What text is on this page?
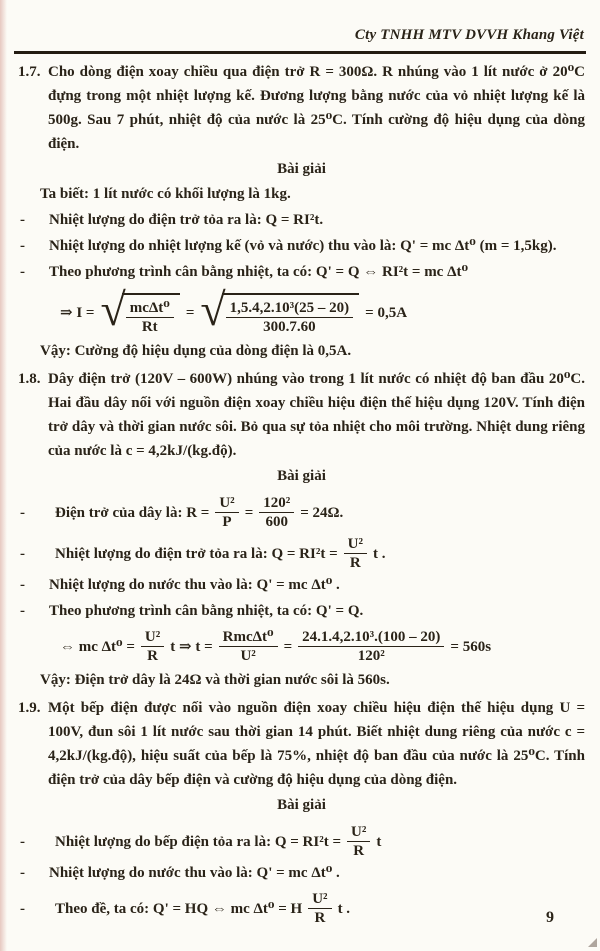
Cty TNHH MTV DVVH Khang Việt
1.7. Cho dòng điện xoay chiều qua điện trở R = 300Ω. R nhúng vào 1 lít nước ở 20⁰C đựng trong một nhiệt lượng kế. Đương lượng bằng nước của vỏ nhiệt lượng kế là 500g. Sau 7 phút, nhiệt độ của nước là 25⁰C. Tính cường độ hiệu dụng của dòng điện.
Bài giải
Ta biết: 1 lít nước có khối lượng là 1kg.
-	Nhiệt lượng do điện trở tỏa ra là: Q = RI²t.
-	Nhiệt lượng do nhiệt lượng kế (vỏ và nước) thu vào là: Q' = mc Δt⁰ (m = 1,5kg).
-	Theo phương trình cân bằng nhiệt, ta có: Q' = Q ⇔ RI²t = mc Δt⁰
⇒ I = √ $\frac{\text{mcΔt⁰}}{Rt}$ = √ $\frac{\text{1,5.4,2.10³(25 – 20)}}{300.7.60} = 0,5A$
Vậy: Cường độ hiệu dụng của dòng điện là 0,5A.
1.8. Dây điện trở (120V – 600W) nhúng vào trong 1 lít nước có nhiệt độ ban đầu 20⁰C. Hai đầu dây nối với nguồn điện xoay chiều hiệu điện thế hiệu dụng 120V. Tính điện trở dây và thời gian nước sôi. Bỏ qua sự tỏa nhiệt cho môi trường. Nhiệt dung riêng của nước là c = 4,2kJ/(kg.độ).
Bài giải
-	Điện trở của dây là: $R = \frac{\text{U²}}{P} = \frac{\text{120²}}{600} = 24\Omega$.
-	Nhiệt lượng do điện trở tỏa ra là: $Q = RI^2t = \frac{\text{U²}}{R}$ t .
-	Nhiệt lượng do nước thu vào là: Q' = mc Δt⁰ .
-	Theo phương trình cân bằng nhiệt, ta có: Q' = Q.
⇔ mc $\Delta t^0 = \frac{\text{U²}}{R}$ t ⇒ $t = \frac{\text{RmcΔt⁰}}{\text{U²}} = \frac{\text{24.1.4,2.10³.(100 – 20)}}{\text{120²}} = 560s$
Vậy: Điện trở dây là 24Ω và thời gian nước sôi là 560s.
1.9. Một bếp điện được nối vào nguồn điện xoay chiều hiệu điện thế hiệu dụng U = 100V, đun sôi 1 lít nước sau thời gian 14 phút. Biết nhiệt dung riêng của nước c = 4,2kJ/(kg.độ), hiệu suất của bếp là 75%, nhiệt độ ban đầu của nước là 25⁰C. Tính điện trở của dây bếp điện và cường độ hiệu dụng của dòng điện.
Bài giải
-	Nhiệt lượng do bếp điện tỏa ra là: $Q = RI^2t = \frac{\text{U²}}{R}$ t
-	Nhiệt lượng do nước thu vào là: Q' = mc Δt⁰ .
-	Theo đề, ta có: Q' = HQ ⇔ mc Δt⁰ = H $\frac{\text{U²}}{R}$ t .
9
